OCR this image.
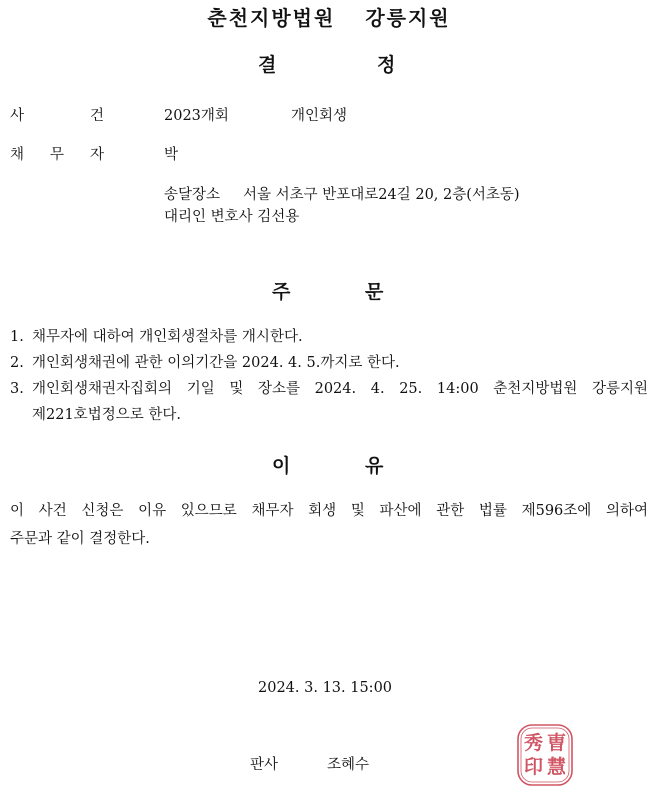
춘천지방법원 강릉지원
결	정
사	건	2023개회	개인회생
채 무 자	박
송달장소 서울 서초구 반포대로24길 20, 2층(서초동)
대리인 변호사 김선용
주	문
1. 채무자에 대하여 개인회생절차를 개시한다.
2. 개인회생채권에 관한 이의기간을 2024. 4. 5.까지로 한다.
3. 개인회생채권자집회의 기일 및 장소를 2024. 4. 25. 14:00 춘천지방법원 강릉지원
제221호법정으로 한다.
이	유
이 사건 신청은 이유 있으므로 채무자 회생 및 파산에 관한 법률 제596조에 의하여
주문과 같이 결정한다.
2024. 3. 13. 15:00
판사	조혜수
曺
慧
秀
印
